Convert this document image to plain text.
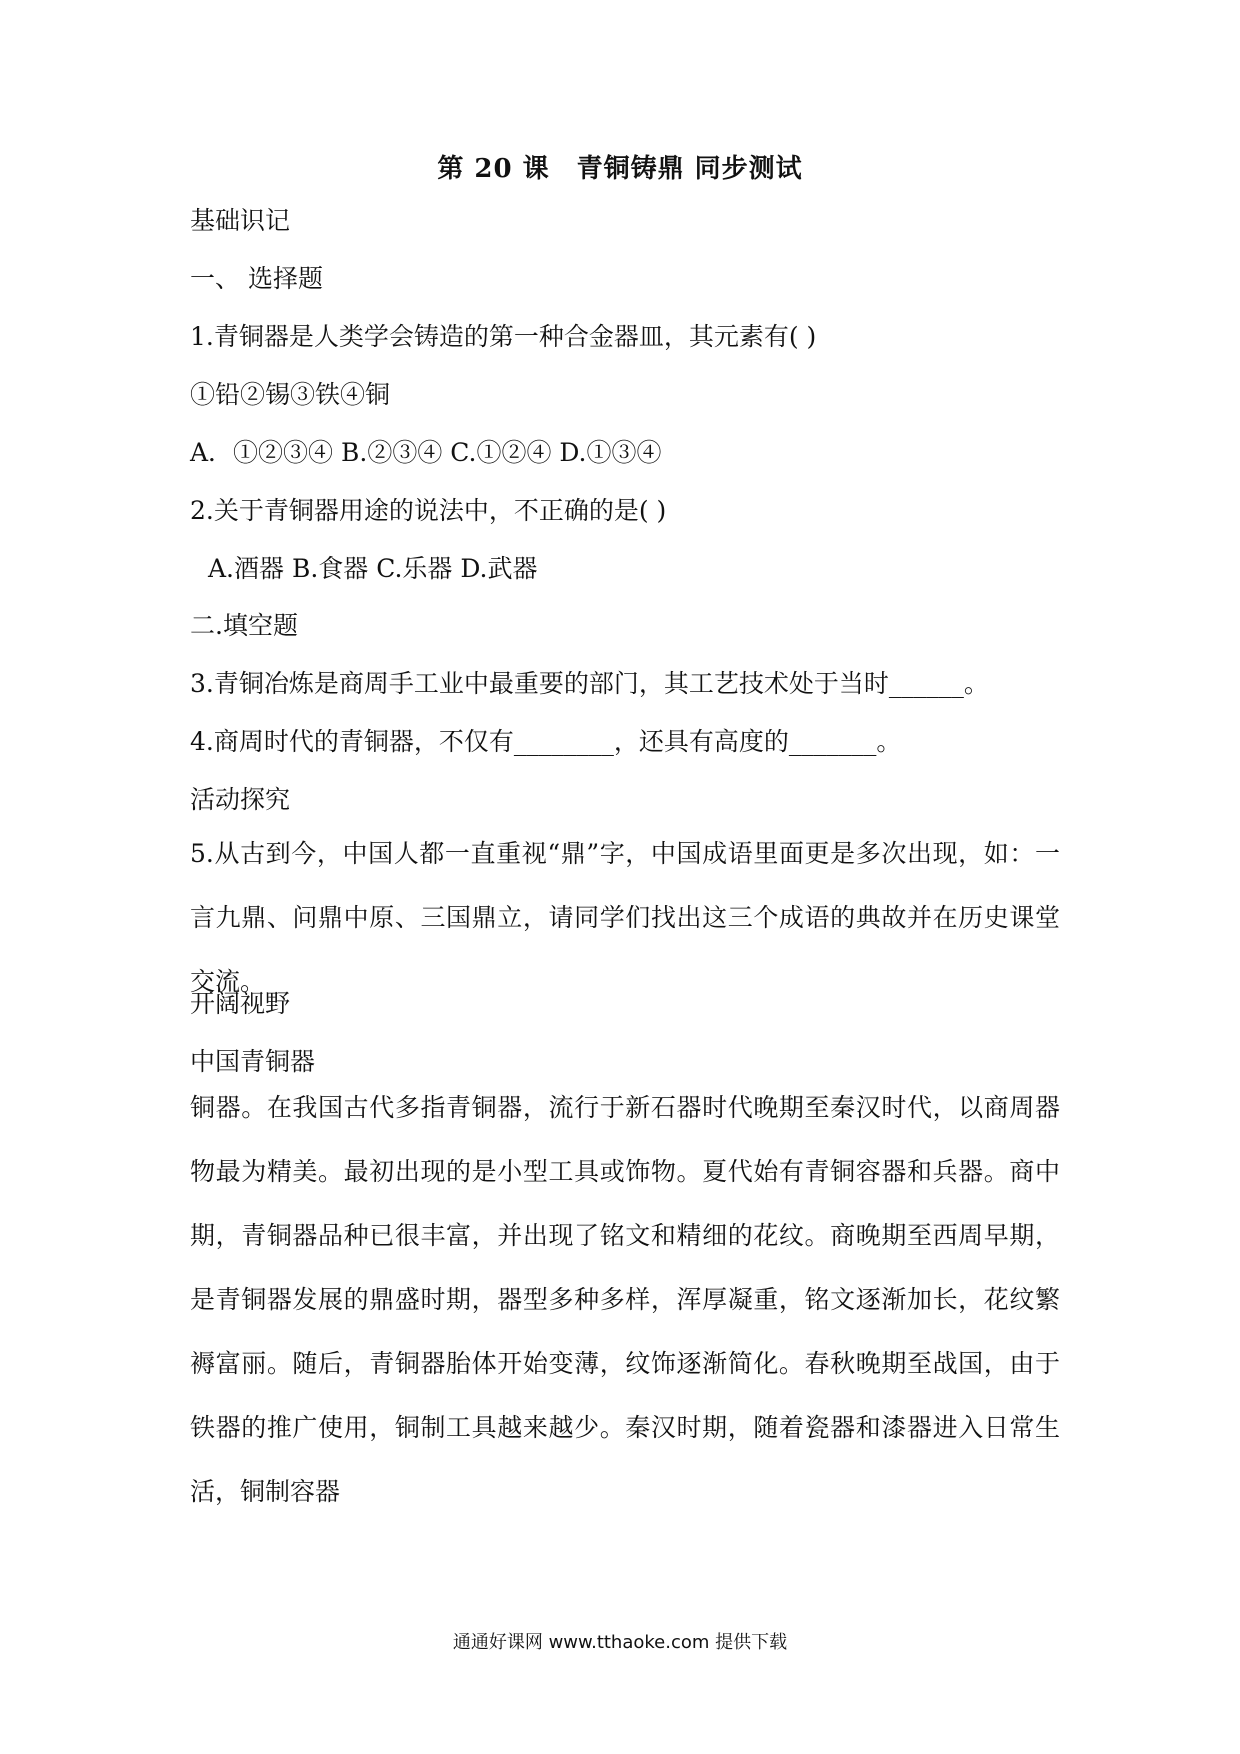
第 20 课　青铜铸鼎 同步测试
基础识记
一、 选择题
1.青铜器是人类学会铸造的第一种合金器皿，其元素有( )
①铅②锡③铁④铜
A．①②③④ B.②③④ C.①②④ D.①③④
2.关于青铜器用途的说法中，不正确的是( )
A.酒器 B.食器 C.乐器 D.武器
二.填空题
3.青铜冶炼是商周手工业中最重要的部门，其工艺技术处于当时______。
4.商周时代的青铜器，不仅有________，还具有高度的_______。
活动探究
5.从古到今，中国人都一直重视“鼎”字，中国成语里面更是多次出现，如：一言九鼎、问鼎中原、三国鼎立，请同学们找出这三个成语的典故并在历史课堂交流。
开阔视野
中国青铜器
铜器。在我国古代多指青铜器，流行于新石器时代晚期至秦汉时代，以商周器物最为精美。最初出现的是小型工具或饰物。夏代始有青铜容器和兵器。商中期，青铜器品种已很丰富，并出现了铭文和精细的花纹。商晚期至西周早期，是青铜器发展的鼎盛时期，器型多种多样，浑厚凝重，铭文逐渐加长，花纹繁褥富丽。随后，青铜器胎体开始变薄，纹饰逐渐简化。春秋晚期至战国，由于铁器的推广使用，铜制工具越来越少。秦汉时期，随着瓷器和漆器进入日常生活，铜制容器
通通好课网 www.tthaoke.com 提供下载
